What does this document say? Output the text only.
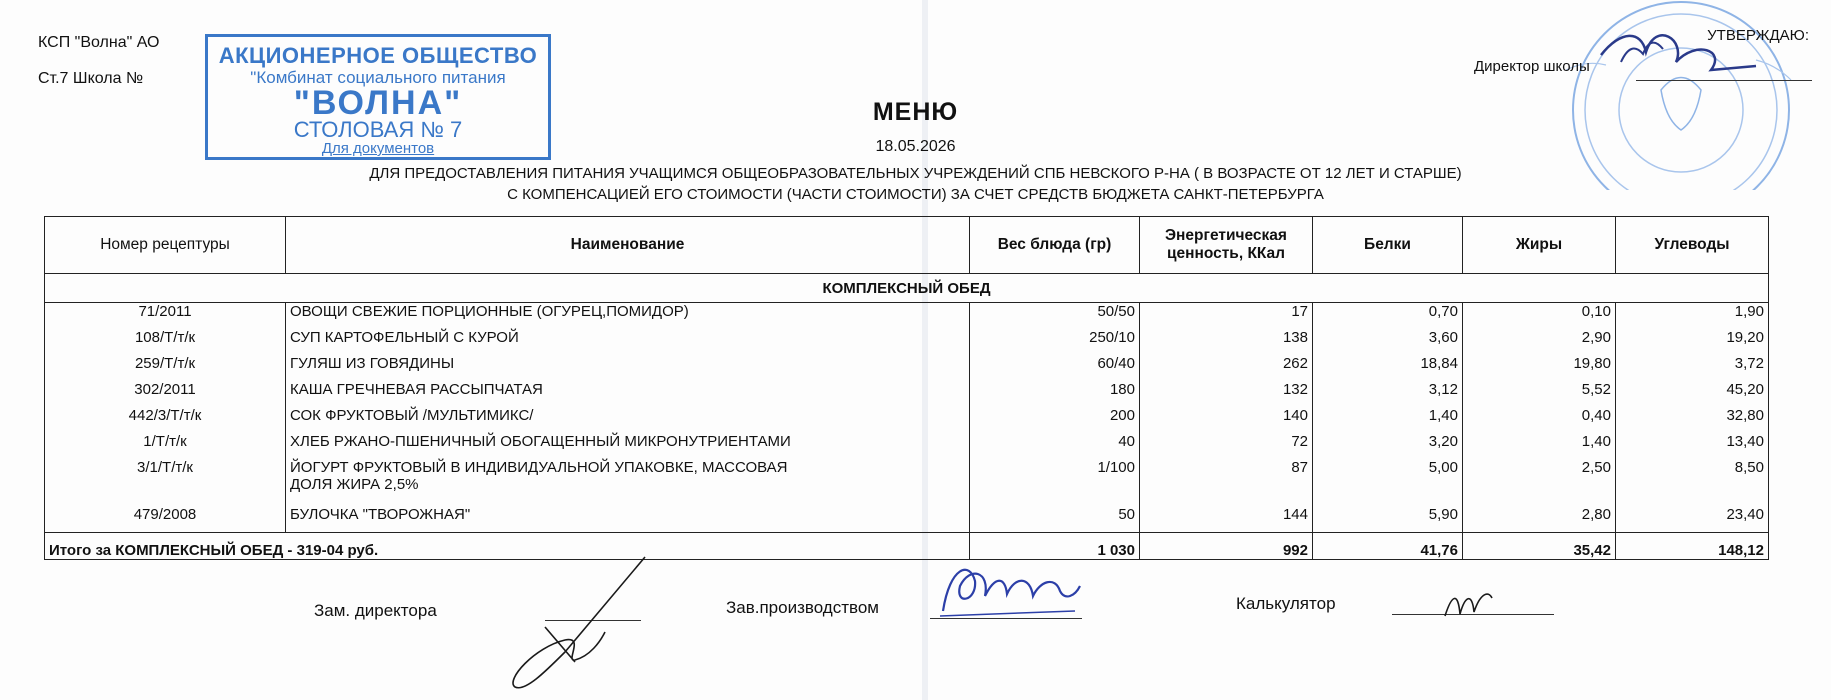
КСП "Волна" АО
Ст.7 Школа №
АКЦИОНЕРНОЕ ОБЩЕСТВО
"Комбинат социального питания
"ВОЛНА"
СТОЛОВАЯ № 7
Для документов
УТВЕРЖДАЮ:
Директор школы
МЕНЮ
18.05.2026
ДЛЯ ПРЕДОСТАВЛЕНИЯ ПИТАНИЯ УЧАЩИМСЯ ОБЩЕОБРАЗОВАТЕЛЬНЫХ УЧРЕЖДЕНИЙ СПБ НЕВСКОГО Р-НА ( В ВОЗРАСТЕ ОТ 12 ЛЕТ И СТАРШЕ)
С КОМПЕНСАЦИЕЙ ЕГО СТОИМОСТИ (ЧАСТИ СТОИМОСТИ) ЗА СЧЕТ СРЕДСТВ БЮДЖЕТА САНКТ-ПЕТЕРБУРГА
Номер рецептуры	Наименование	Вес блюда (гр)	Энергетическая ценность, ККал	Белки	Жиры	Углеводы
КОМПЛЕКСНЫЙ ОБЕД						
71/2011	ОВОЩИ СВЕЖИЕ ПОРЦИОННЫЕ (ОГУРЕЦ,ПОМИДОР)	50/50	17	0,70	0,10	1,90
108/Т/т/к	СУП КАРТОФЕЛЬНЫЙ С КУРОЙ	250/10	138	3,60	2,90	19,20
259/Т/т/к	ГУЛЯШ ИЗ ГОВЯДИНЫ	60/40	262	18,84	19,80	3,72
302/2011	КАША ГРЕЧНЕВАЯ РАССЫПЧАТАЯ	180	132	3,12	5,52	45,20
442/3/Т/т/к	СОК ФРУКТОВЫЙ /МУЛЬТИМИКС/	200	140	1,40	0,40	32,80
1/Т/т/к	ХЛЕБ РЖАНО-ПШЕНИЧНЫЙ ОБОГАЩЕННЫЙ МИКРОНУТРИЕНТАМИ	40	72	3,20	1,40	13,40
3/1/Т/т/к	ЙОГУРТ ФРУКТОВЫЙ В ИНДИВИДУАЛЬНОЙ УПАКОВКЕ, МАССОВАЯ ДОЛЯ ЖИРА 2,5%	1/100	87	5,00	2,50	8,50
479/2008	БУЛОЧКА "ТВОРОЖНАЯ"	50	144	5,90	2,80	23,40
Итого за КОМПЛЕКСНЫЙ ОБЕД - 319-04 руб.		1 030	992	41,76	35,42	148,12
Зам. директора	Зав.производством	Калькулятор
